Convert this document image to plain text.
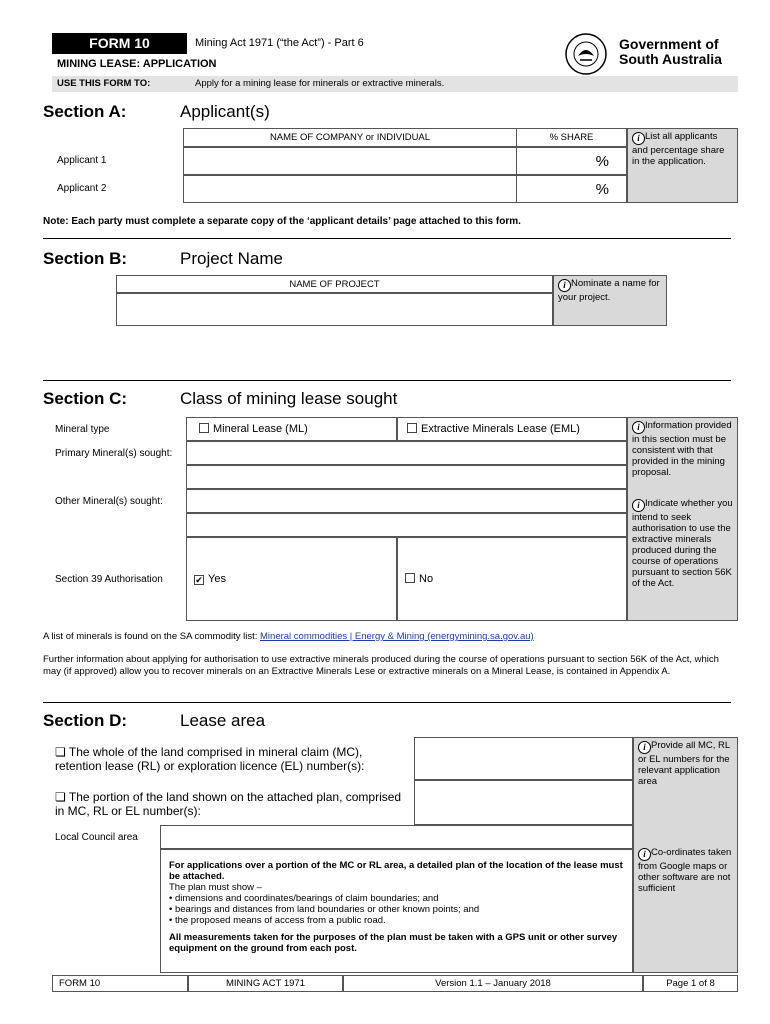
FORM 10	Mining Act 1971 (“the Act”) - Part 6
MINING LEASE: APPLICATION
USE THIS FORM TO:	Apply for a mining lease for minerals or extractive minerals.
Government of
South Australia
Section A:	Applicant(s)
NAME OF COMPANY or INDIVIDUAL	% SHARE
Applicant 1	%
Applicant 2	%
i List all applicants and percentage share in the application.
Note: Each party must complete a separate copy of the ‘applicant details’ page attached to this form.
Section B:	Project Name
NAME OF PROJECT	i Nominate a name for your project.
Section C:	Class of mining lease sought
Mineral type	Mineral Lease (ML)	Extractive Minerals Lease (EML)
Primary Mineral(s) sought:
Other Mineral(s) sought:
Section 39 Authorisation	✔ Yes	No
i Information provided in this section must be consistent with that provided in the mining proposal.
i Indicate whether you intend to seek authorisation to use the extractive minerals produced during the course of operations pursuant to section 56K of the Act.
A list of minerals is found on the SA commodity list: Mineral commodities | Energy & Mining (energymining.sa.gov.au)
Further information about applying for authorisation to use extractive minerals produced during the course of operations pursuant to section 56K of the Act, which may (if approved) allow you to recover minerals on an Extractive Minerals Lese or extractive minerals on a Mineral Lease, is contained in Appendix A.
Section D:	Lease area
❏ The whole of the land comprised in mineral claim (MC), retention lease (RL) or exploration licence (EL) number(s):
❏ The portion of the land shown on the attached plan, comprised in MC, RL or EL number(s):
Local Council area
For applications over a portion of the MC or RL area, a detailed plan of the location of the lease must be attached.
The plan must show –
• dimensions and coordinates/bearings of claim boundaries; and
• bearings and distances from land boundaries or other known points; and
• the proposed means of access from a public road.
All measurements taken for the purposes of the plan must be taken with a GPS unit or other survey equipment on the ground from each post.
i Provide all MC, RL or EL numbers for the relevant application area
i Co-ordinates taken from Google maps or other software are not sufficient
FORM 10	MINING ACT 1971	Version 1.1 – January 2018	Page 1 of 8
